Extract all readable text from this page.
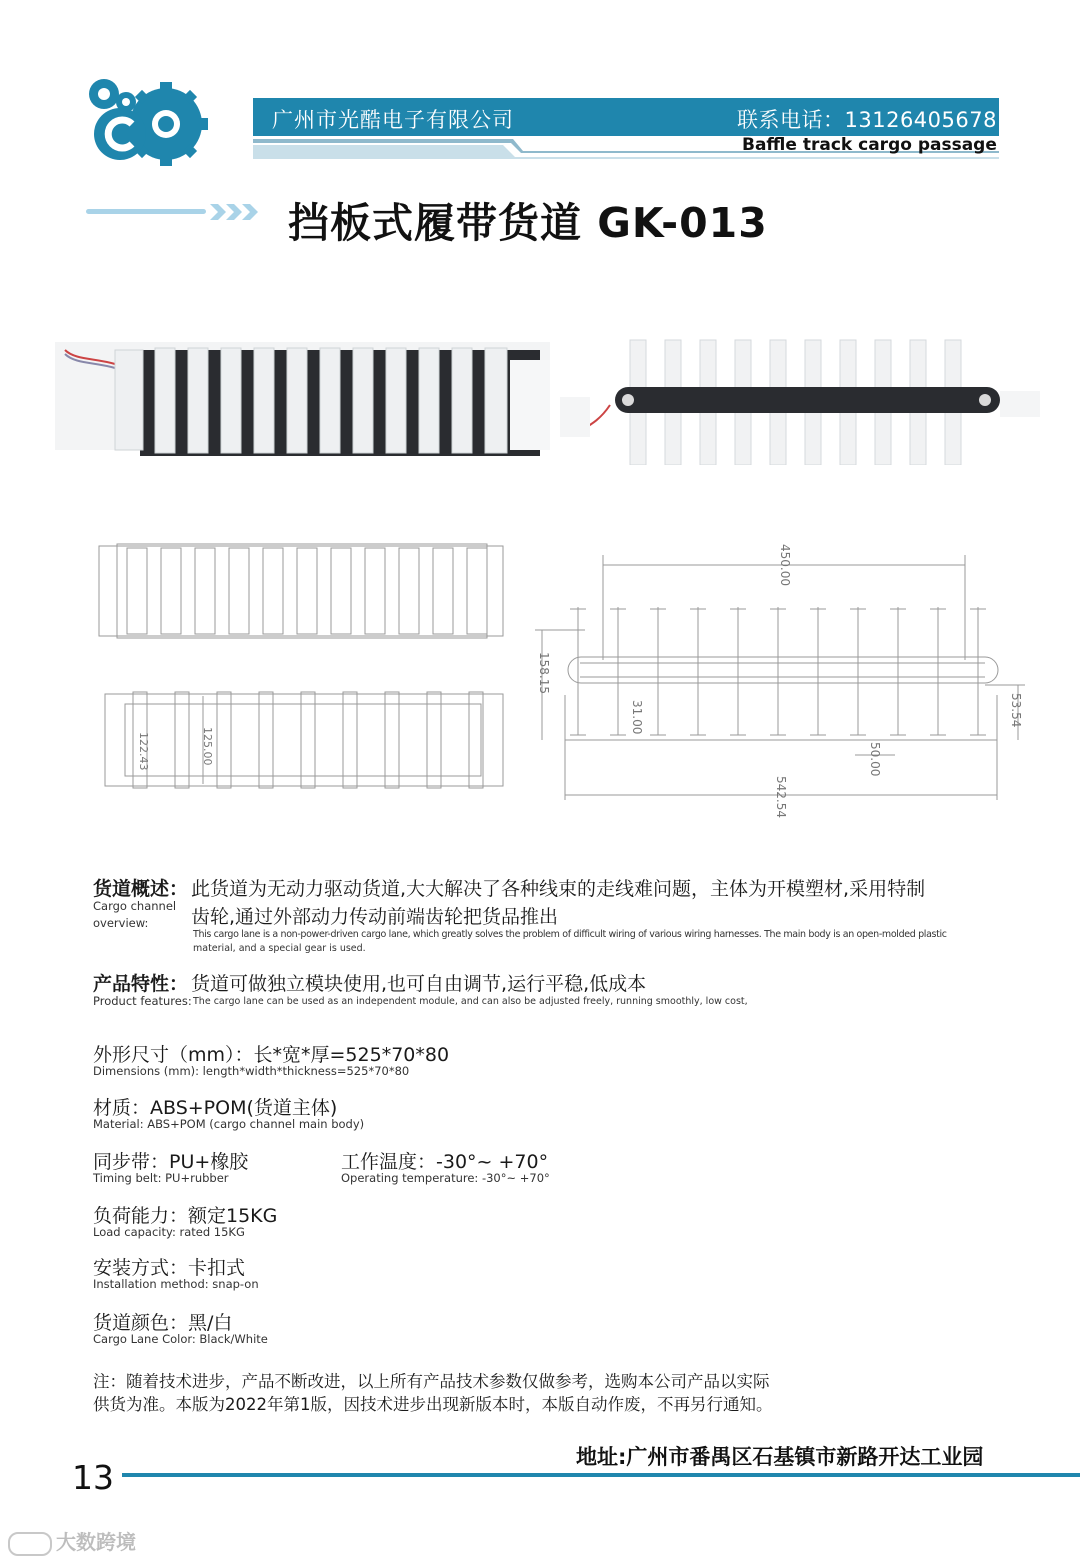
广州市光酷电子有限公司	联系电话：13126405678
Baffle track cargo passage
挡板式履带货道 GK-013
122.43	125.00
450.00
158.15
31.00	53.54
50.00
542.54
货道概述：
Cargo channel
overview:
此货道为无动力驱动货道,大大解决了各种线束的走线难问题，主体为开模塑材,采用特制
齿轮,通过外部动力传动前端齿轮把货品推出
This cargo lane is a non-power-driven cargo lane, which greatly solves the problem of difficult wiring of various wiring harnesses. The main body is an open-molded plastic
material, and a special gear is used.
产品特性：
Product features:
货道可做独立模块使用,也可自由调节,运行平稳,低成本
The cargo lane can be used as an independent module, and can also be adjusted freely, running smoothly, low cost,
外形尺寸（mm）：长*宽*厚=525*70*80
Dimensions (mm): length*width*thickness=525*70*80
材质：ABS+POM(货道主体)
Material: ABS+POM (cargo channel main body)
同步带：PU+橡胶
Timing belt: PU+rubber
工作温度：-30°~ +70°
Operating temperature: -30°~ +70°
负荷能力：额定15KG
Load capacity: rated 15KG
安装方式：卡扣式
Installation method: snap-on
货道颜色：黑/白
Cargo Lane Color: Black/White
注：随着技术进步，产品不断改进，以上所有产品技术参数仅做参考，选购本公司产品以实际
供货为准。本版为2022年第1版，因技术进步出现新版本时，本版自动作废，不再另行通知。
地址:广州市番禺区石基镇市新路开达工业园
13
大数跨境
